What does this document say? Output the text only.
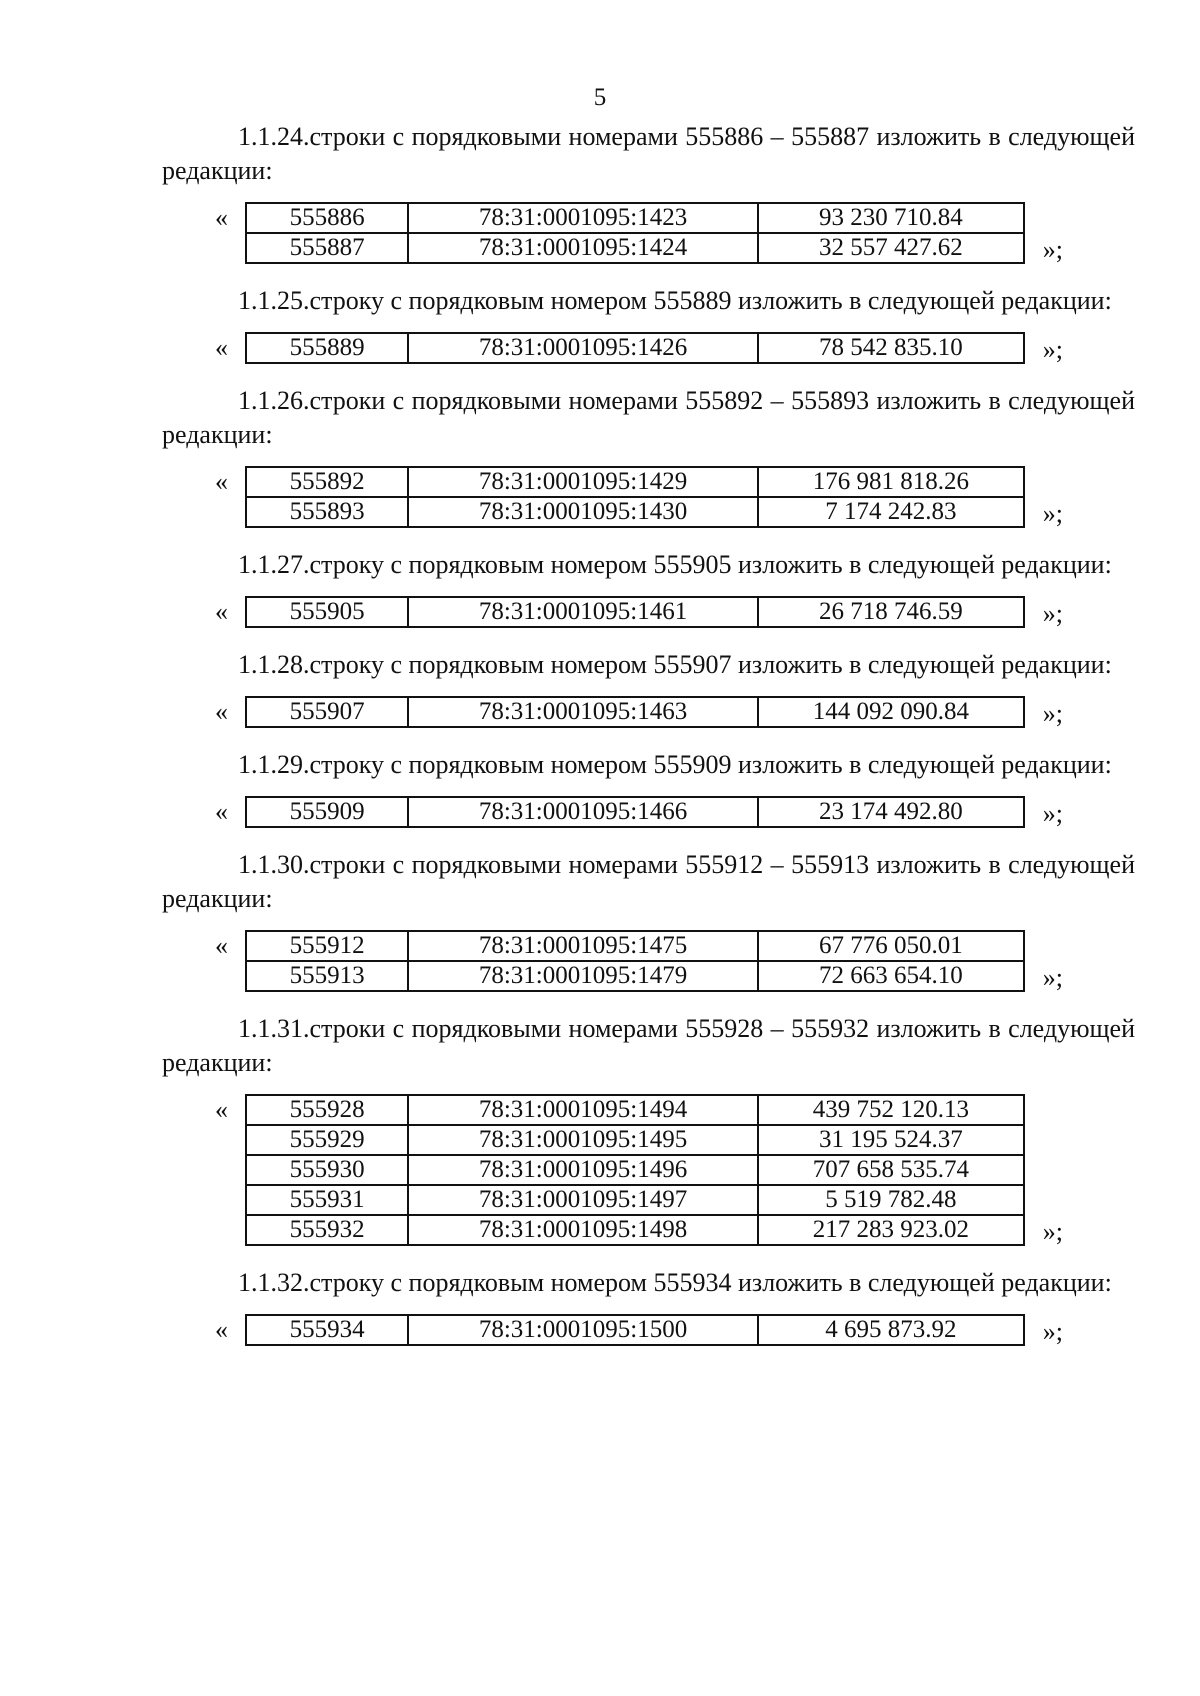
5

1.1.24.строки с порядковыми номерами 555886 – 555887 изложить в следующей редакции:

« 555886	78:31:0001095:1423	93 230 710.84
555887	78:31:0001095:1424	32 557 427.62	»;

1.1.25.строку с порядковым номером 555889 изложить в следующей редакции:

« 555889	78:31:0001095:1426	78 542 835.10	»;

1.1.26.строки с порядковыми номерами 555892 – 555893 изложить в следующей редакции:

« 555892	78:31:0001095:1429	176 981 818.26
555893	78:31:0001095:1430	7 174 242.83	»;

1.1.27.строку с порядковым номером 555905 изложить в следующей редакции:

« 555905	78:31:0001095:1461	26 718 746.59	»;

1.1.28.строку с порядковым номером 555907 изложить в следующей редакции:

« 555907	78:31:0001095:1463	144 092 090.84	»;

1.1.29.строку с порядковым номером 555909 изложить в следующей редакции:

« 555909	78:31:0001095:1466	23 174 492.80	»;

1.1.30.строки с порядковыми номерами 555912 – 555913 изложить в следующей редакции:

« 555912	78:31:0001095:1475	67 776 050.01
555913	78:31:0001095:1479	72 663 654.10	»;

1.1.31.строки с порядковыми номерами 555928 – 555932 изложить в следующей редакции:

« 555928	78:31:0001095:1494	439 752 120.13
555929	78:31:0001095:1495	31 195 524.37
555930	78:31:0001095:1496	707 658 535.74
555931	78:31:0001095:1497	5 519 782.48
555932	78:31:0001095:1498	217 283 923.02	»;

1.1.32.строку с порядковым номером 555934 изложить в следующей редакции:

« 555934	78:31:0001095:1500	4 695 873.92	»;
